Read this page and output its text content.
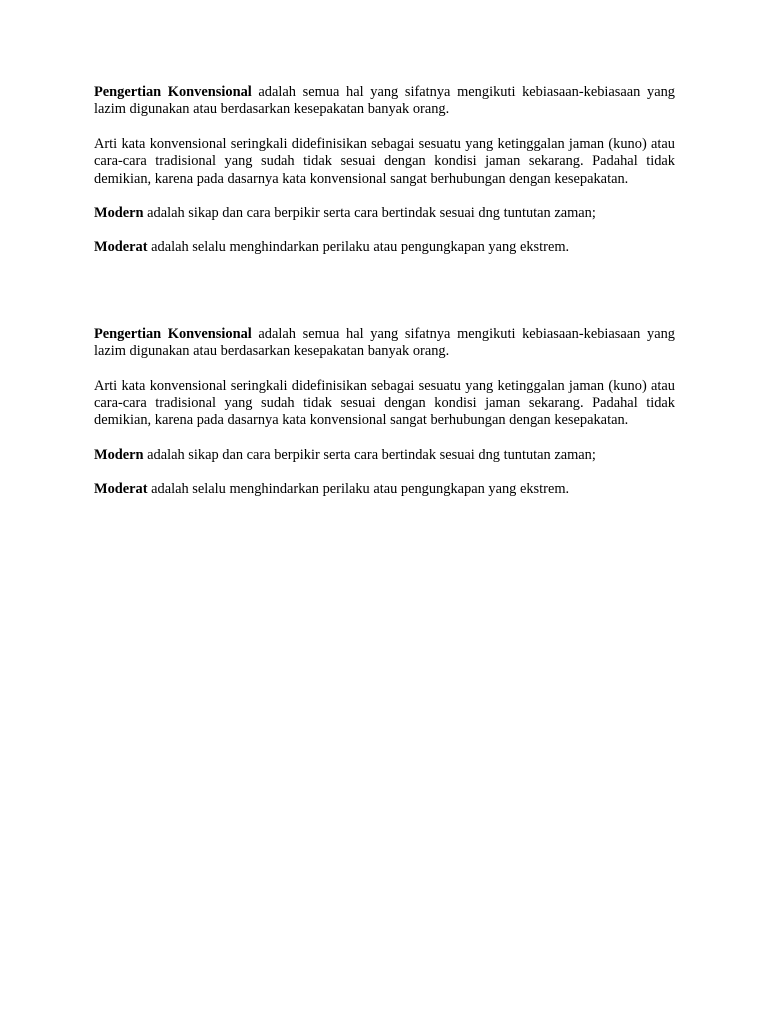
Pengertian Konvensional adalah semua hal yang sifatnya mengikuti kebiasaan-kebiasaan yang lazim digunakan atau berdasarkan kesepakatan banyak orang.

Arti kata konvensional seringkali didefinisikan sebagai sesuatu yang ketinggalan jaman (kuno) atau cara-cara tradisional yang sudah tidak sesuai dengan kondisi jaman sekarang. Padahal tidak demikian, karena pada dasarnya kata konvensional sangat berhubungan dengan kesepakatan.

Modern adalah sikap dan cara berpikir serta cara bertindak sesuai dng tuntutan zaman;

Moderat adalah selalu menghindarkan perilaku atau pengungkapan yang ekstrem.

Pengertian Konvensional adalah semua hal yang sifatnya mengikuti kebiasaan-kebiasaan yang lazim digunakan atau berdasarkan kesepakatan banyak orang.

Arti kata konvensional seringkali didefinisikan sebagai sesuatu yang ketinggalan jaman (kuno) atau cara-cara tradisional yang sudah tidak sesuai dengan kondisi jaman sekarang. Padahal tidak demikian, karena pada dasarnya kata konvensional sangat berhubungan dengan kesepakatan.

Modern adalah sikap dan cara berpikir serta cara bertindak sesuai dng tuntutan zaman;

Moderat adalah selalu menghindarkan perilaku atau pengungkapan yang ekstrem.
